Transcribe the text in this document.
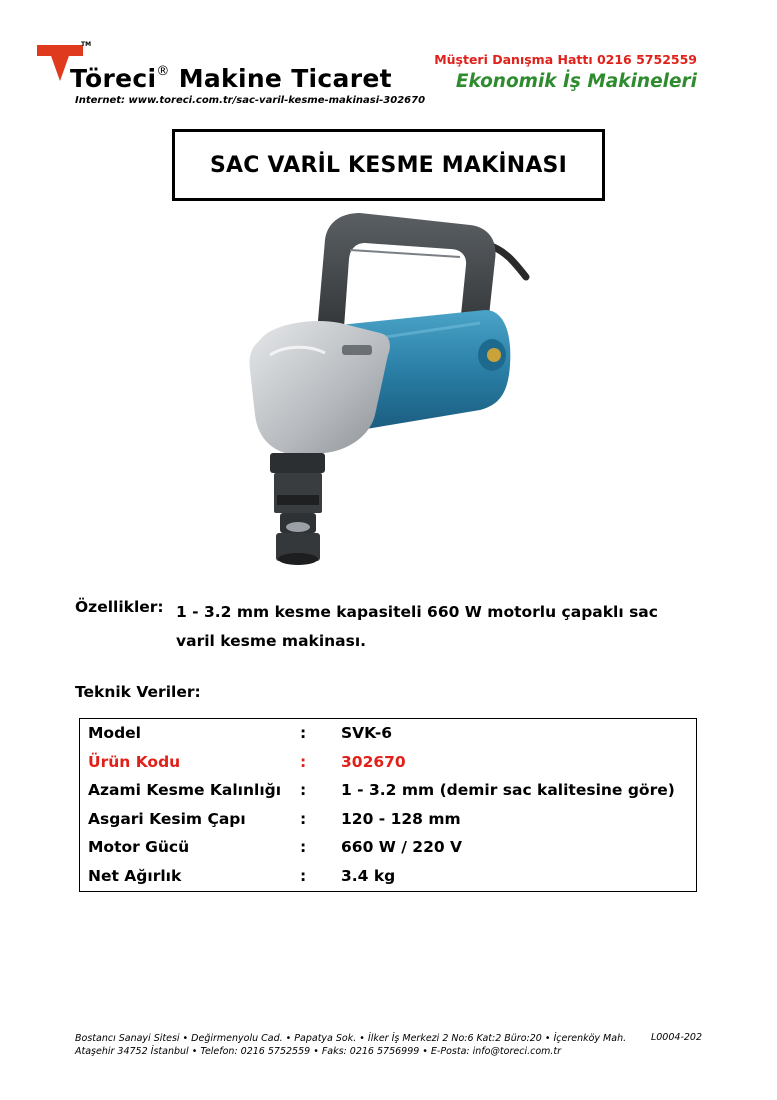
TM
Töreci® Makine Ticaret
Internet: www.toreci.com.tr/sac-varil-kesme-makinasi-302670
Müşteri Danışma Hattı 0216 5752559
Ekonomik İş Makineleri
SAC VARİL KESME MAKİNASI
Özellikler: 1 - 3.2 mm kesme kapasiteli 660 W motorlu çapaklı sac varil kesme makinası.
Teknik Veriler:
Model	: SVK-6
Ürün Kodu	: 302670
Azami Kesme Kalınlığı : 1 - 3.2 mm (demir sac kalitesine göre)
Asgari Kesim Çapı	: 120 - 128 mm
Motor Gücü	: 660 W / 220 V
Net Ağırlık	: 3.4 kg
Bostancı Sanayi Sitesi • Değirmenyolu Cad. • Papatya Sok. • İlker İş Merkezi 2 No:6 Kat:2 Büro:20 • İçerenköy Mah.
Ataşehir 34752 İstanbul • Telefon: 0216 5752559 • Faks: 0216 5756999 • E-Posta: info@toreci.com.tr
L0004-202
